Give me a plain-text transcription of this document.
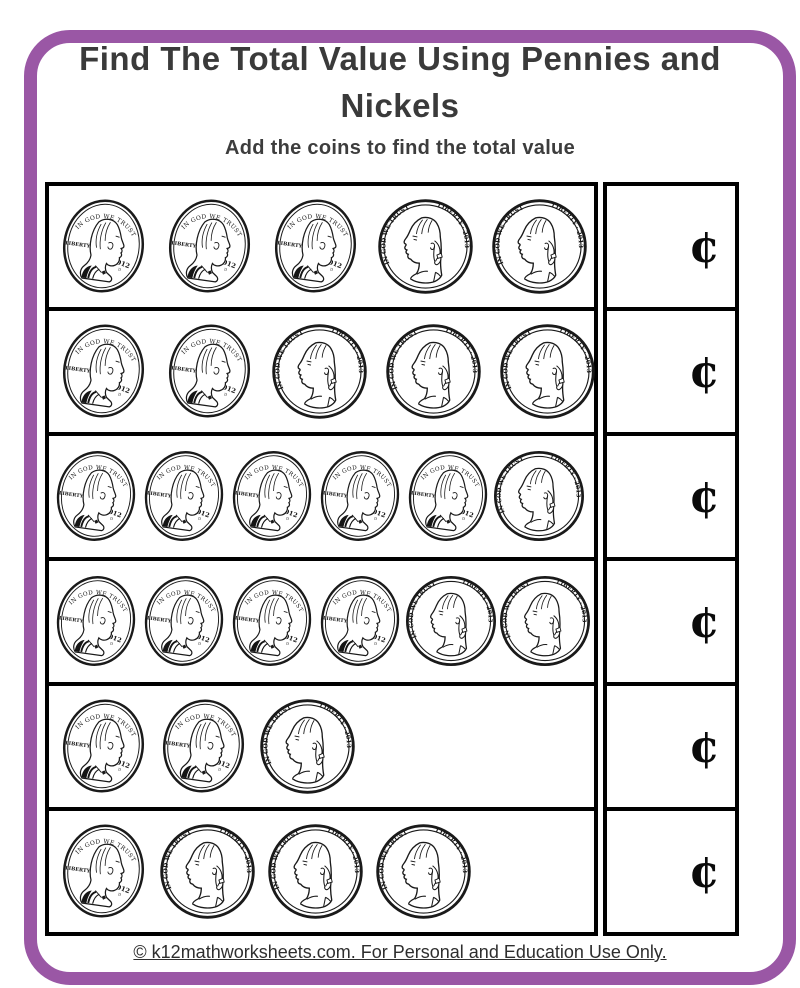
Find The Total Value Using Pennies and
Nickels
Add the coins to find the total value
¢
¢
¢
¢
¢
¢
© k12mathworksheets.com. For Personal and Education Use Only.
